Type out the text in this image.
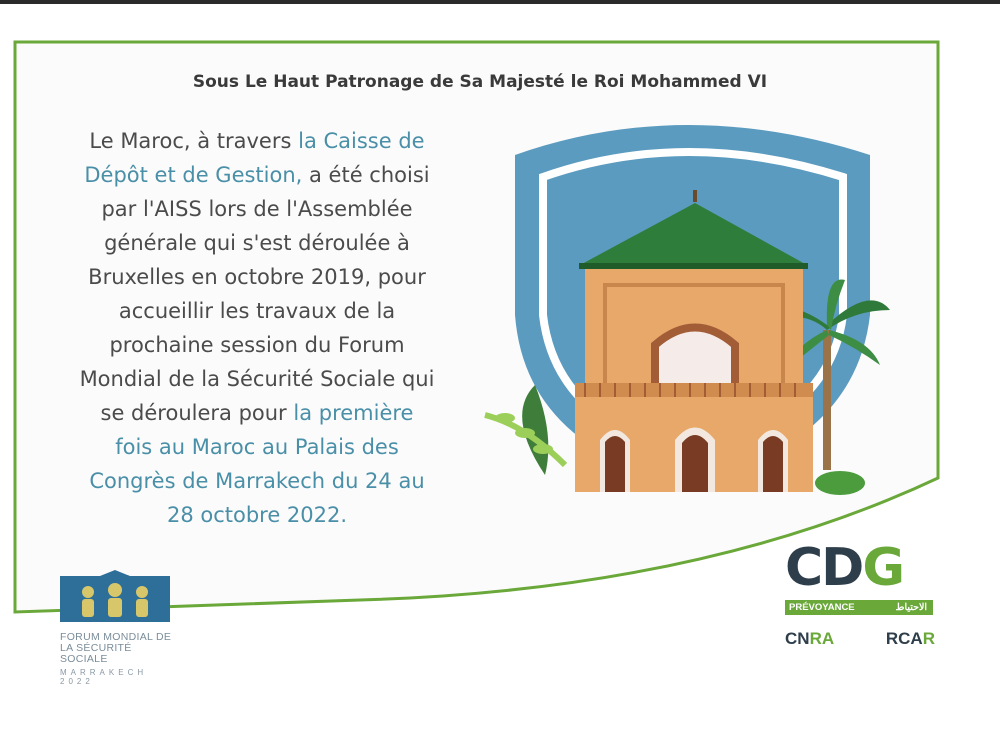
Sous Le Haut Patronage de Sa Majesté le Roi Mohammed VI
Le Maroc, à travers la Caisse de
Dépôt et de Gestion, a été choisi
par l'AISS lors de l'Assemblée
générale qui s'est déroulée à
Bruxelles en octobre 2019, pour
accueillir les travaux de la
prochaine session du Forum
Mondial de la Sécurité Sociale qui
se déroulera pour la première
fois au Maroc au Palais des
Congrès de Marrakech du 24 au
28 octobre 2022.
FORUM MONDIAL DE
LA SÉCURITÉ SOCIALE
MARRAKECH 2022
CDG
PRÉVOYANCE	الاحتياط
CNRA	RCAR
